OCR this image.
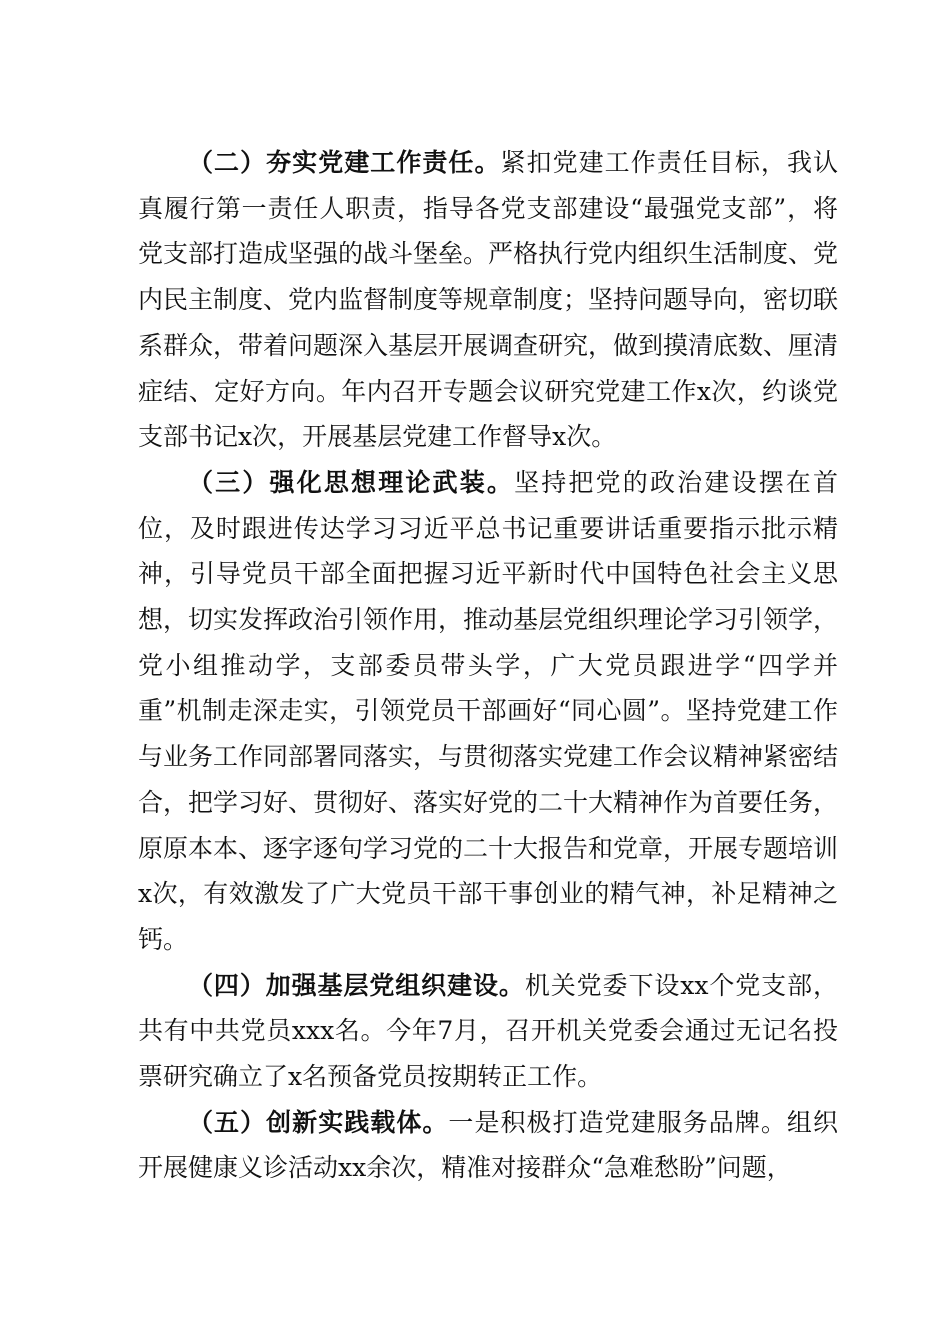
（二）夯实党建工作责任。紧扣党建工作责任目标，我认真履行第一责任人职责，指导各党支部建设“最强党支部”，将党支部打造成坚强的战斗堡垒。严格执行党内组织生活制度、党内民主制度、党内监督制度等规章制度；坚持问题导向，密切联系群众，带着问题深入基层开展调查研究，做到摸清底数、厘清症结、定好方向。年内召开专题会议研究党建工作x次，约谈党支部书记x次，开展基层党建工作督导x次。

（三）强化思想理论武装。坚持把党的政治建设摆在首位，及时跟进传达学习习近平总书记重要讲话重要指示批示精神，引导党员干部全面把握习近平新时代中国特色社会主义思想，切实发挥政治引领作用，推动基层党组织理论学习引领学，党小组推动学，支部委员带头学，广大党员跟进学“四学并重”机制走深走实，引领党员干部画好“同心圆”。坚持党建工作与业务工作同部署同落实，与贯彻落实党建工作会议精神紧密结合，把学习好、贯彻好、落实好党的二十大精神作为首要任务，原原本本、逐字逐句学习党的二十大报告和党章，开展专题培训x次，有效激发了广大党员干部干事创业的精气神，补足精神之钙。

（四）加强基层党组织建设。机关党委下设xx个党支部，共有中共党员xxx名。今年7月，召开机关党委会通过无记名投票研究确立了x名预备党员按期转正工作。

（五）创新实践载体。一是积极打造党建服务品牌。组织开展健康义诊活动xx余次，精准对接群众“急难愁盼”问题，
